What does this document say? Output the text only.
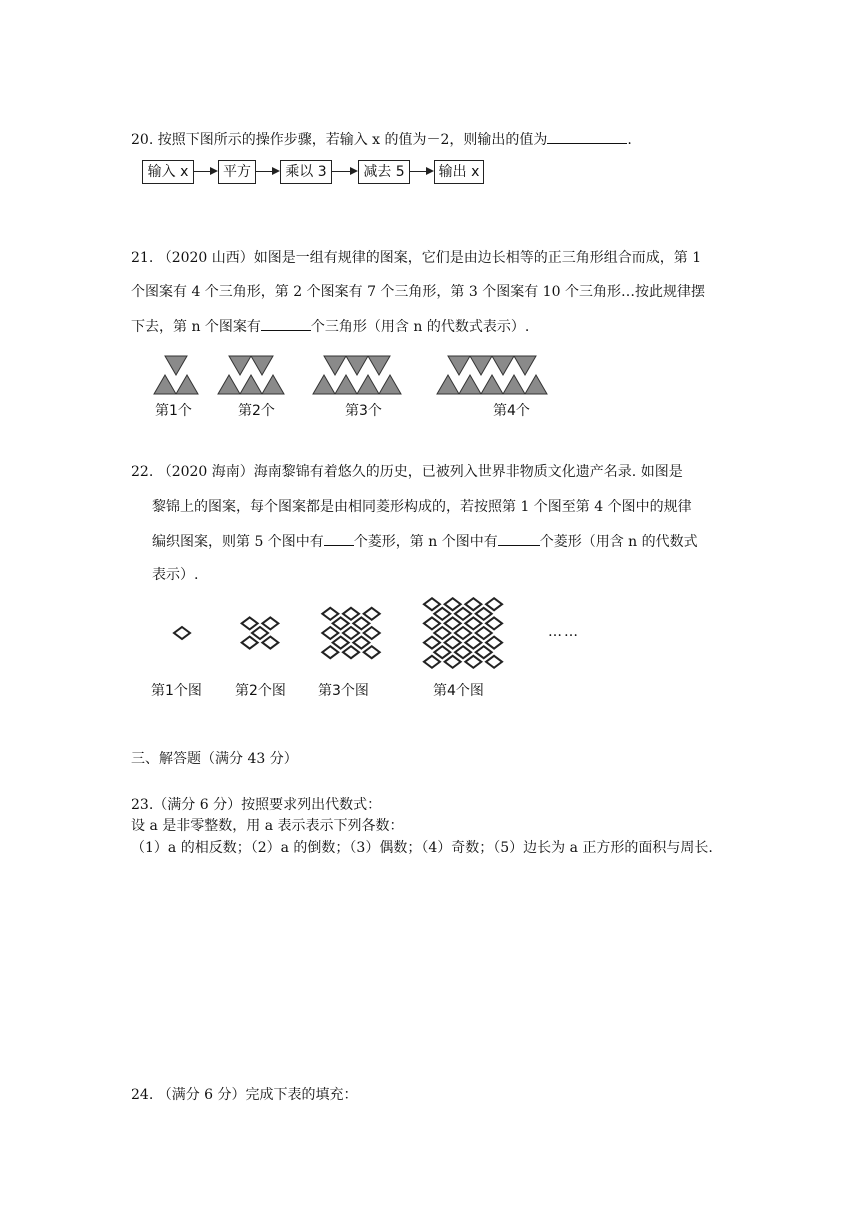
20. 按照下图所示的操作步骤，若输入 x 的值为－2，则输出的值为	.
输入 x	平方	乘以 3	减去 5	输出 x
21. （2020 山西）如图是一组有规律的图案，它们是由边长相等的正三角形组合而成，第 1
个图案有 4 个三角形，第 2 个图案有 7 个三角形，第 3 个图案有 10 个三角形…按此规律摆
下去，第 n 个图案有	个三角形（用含 n 的代数式表示）.
第1个	第2个	第3个	第4个
22. （2020 海南）海南黎锦有着悠久的历史，已被列入世界非物质文化遗产名录. 如图是
黎锦上的图案，每个图案都是由相同菱形构成的，若按照第 1 个图至第 4 个图中的规律
编织图案，则第 5 个图中有 个菱形，第 n 个图中有	个菱形（用含 n 的代数式
表示）.
……
第1个图 第2个图 第3个图	第4个图
三、解答题（满分 43 分）
23.（满分 6 分）按照要求列出代数式：
设 a 是非零整数，用 a 表示表示下列各数：
（1）a 的相反数；（2）a 的倒数；（3）偶数；（4）奇数；（5）边长为 a 正方形的面积与周长.
24. （满分 6 分）完成下表的填充：
